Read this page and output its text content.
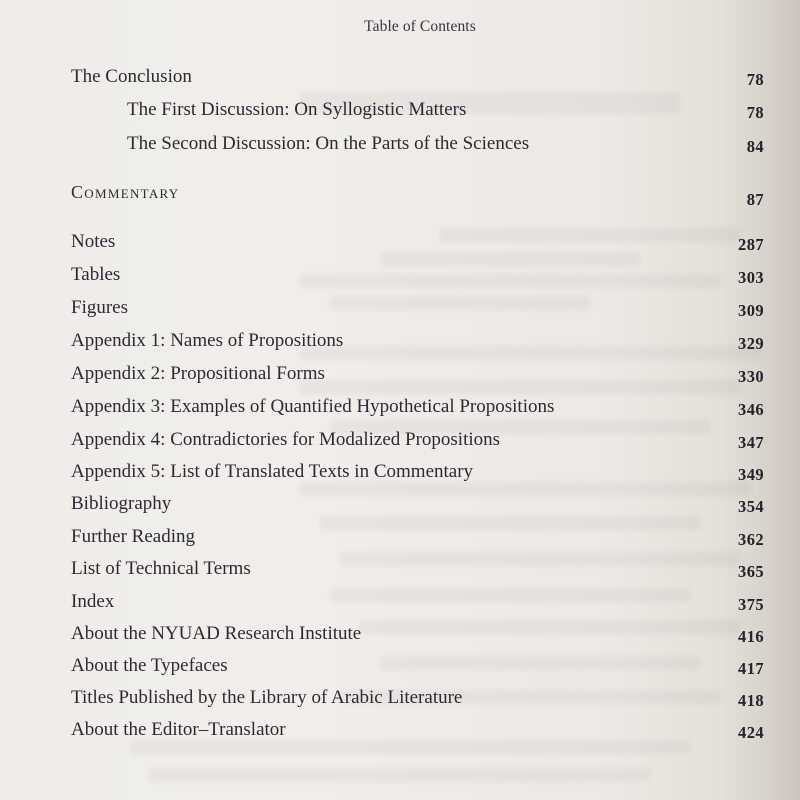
Table of Contents
The Conclusion	78
The First Discussion: On Syllogistic Matters	78
The Second Discussion: On the Parts of the Sciences	84
Commentary	87
Notes	287
Tables	303
Figures	309
Appendix 1: Names of Propositions	329
Appendix 2: Propositional Forms	330
Appendix 3: Examples of Quantified Hypothetical Propositions	346
Appendix 4: Contradictories for Modalized Propositions	347
Appendix 5: List of Translated Texts in Commentary	349
Bibliography	354
Further Reading	362
List of Technical Terms	365
Index	375
About the NYUAD Research Institute	416
About the Typefaces	417
Titles Published by the Library of Arabic Literature	418
About the Editor–Translator	424
